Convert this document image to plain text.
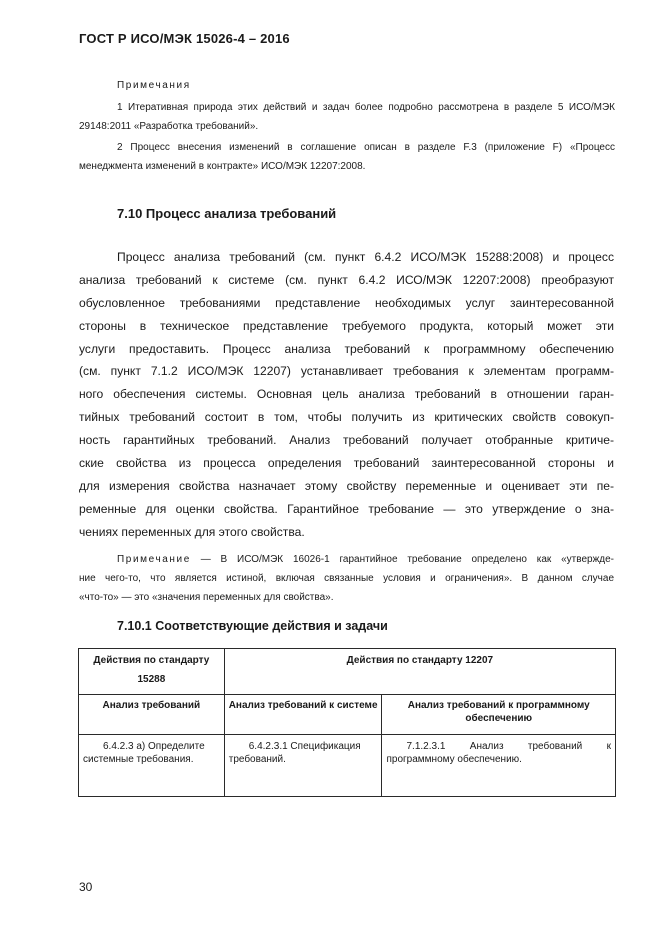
ГОСТ Р ИСО/МЭК 15026-4 – 2016
Примечания
1 Итеративная природа этих действий и задач более подробно рассмотрена в разделе 5 ИСО/МЭК 29148:2011 «Разработка требований».
2 Процесс внесения изменений в соглашение описан в разделе F.3 (приложение F) «Процесс менеджмента изменений в контракте» ИСО/МЭК 12207:2008.
7.10 Процесс анализа требований
Процесс анализа требований (см. пункт 6.4.2 ИСО/МЭК 15288:2008) и процесс
анализа требований к системе (см. пункт 6.4.2 ИСО/МЭК 12207:2008) преобразуют
обусловленное требованиями представление необходимых услуг заинтересованной
стороны в техническое представление требуемого продукта, который может эти
услуги предоставить. Процесс анализа требований к программному обеспечению
(см. пункт 7.1.2 ИСО/МЭК 12207) устанавливает требования к элементам программ-
ного обеспечения системы. Основная цель анализа требований в отношении гаран-
тийных требований состоит в том, чтобы получить из критических свойств совокуп-
ность гарантийных требований. Анализ требований получает отобранные критиче-
ские свойства из процесса определения требований заинтересованной стороны и
для измерения свойства назначает этому свойству переменные и оценивает эти пе-
ременные для оценки свойства. Гарантийное требование — это утверждение о зна-
чениях переменных для этого свойства.
Примечание — В ИСО/МЭК 16026-1 гарантийное требование определено как «утвержде-
ние чего-то, что является истиной, включая связанные условия и ограничения». В данном случае
«что-то» — это «значения переменных для свойства».
7.10.1 Соответствующие действия и задачи
Действия по стандарту 15288	Действия по стандарту 12207	
Анализ требований	Анализ требований к системе	Анализ требований к программному обеспечению
6.4.2.3 а) Определите системные требования.	6.4.2.3.1 Спецификация требований.	7.1.2.3.1 Анализ требований к программному обеспечению.
30
